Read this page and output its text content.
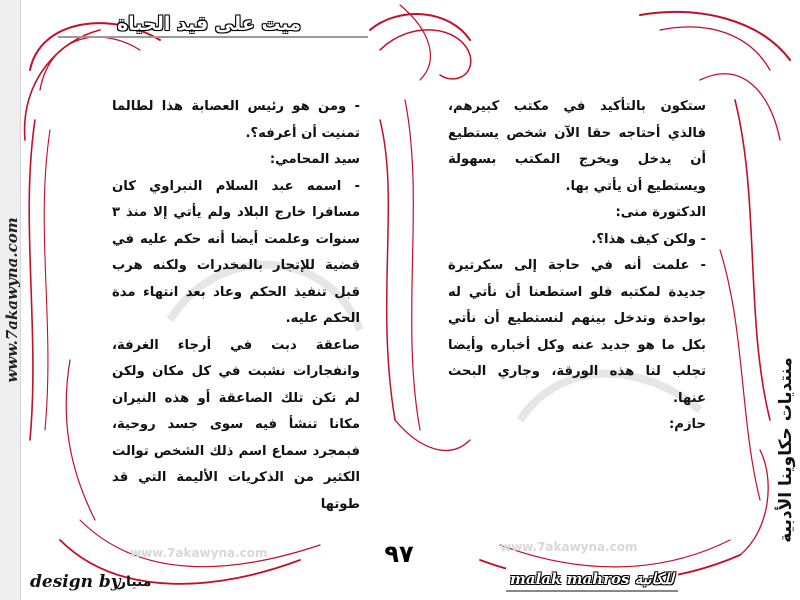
www.7akawyna.com
منتديات حكاوينا الأدبية
ميت على قيد الحياة

- ومن هو رئيس العصابة هذا لطالما تمنيت أن أعرفه؟.

سيد المحامي:

- اسمه عبد السلام النبراوي كان مسافرا خارج البلاد ولم يأتي إلا منذ ٣ سنوات وعلمت أيضا أنه حكم عليه في قضية للإتجار بالمخدرات ولكنه هرب قبل تنفيذ الحكم وعاد بعد انتهاء مدة الحكم عليه.

صاعقة دبت في أرجاء الغرفة، وانفجارات نشبت في كل مكان ولكن لم تكن تلك الصاعقة أو هذه النيران مكانا تنشأ فيه سوى جسد روحية، فبمجرد سماع اسم ذلك الشخص توالت الكثير من الذكريات الأليمة التي قد طوتها

ستكون بالتأكيد في مكتب كبيرهم، فالذي أحتاجه حقا الآن شخص يستطيع أن يدخل ويخرج المكتب بسهولة ويستطيع أن يأتي بها.

الدكتورة منى:

- ولكن كيف هذا؟.

- علمت أنه في حاجة إلى سكرتيرة جديدة لمكتبه فلو استطعنا أن نأتي له بواحدة وتدخل بينهم لنستطيع أن نأتي بكل ما هو جديد عنه وكل أخباره وأيضا تجلب لنا هذه الورقة، وجاري البحث عنها.

حازم:

www.7akawyna.com
www.7akawyna.com	٩٧
malak mahros للكاتبة
design by
منيار
